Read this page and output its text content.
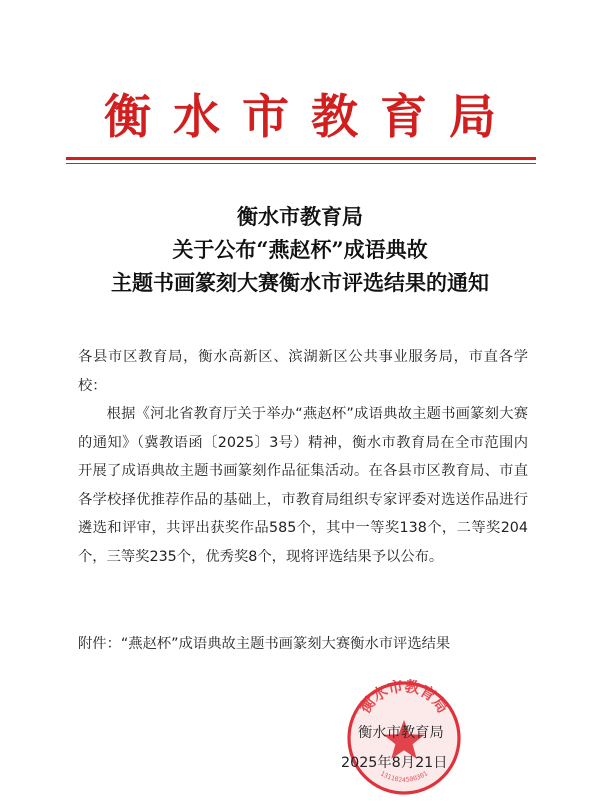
衡水市教育局
衡水市教育局
关于公布“燕赵杯”成语典故
主题书画篆刻大赛衡水市评选结果的通知
各县市区教育局，衡水高新区、滨湖新区公共事业服务局，市直各学校：
根据《河北省教育厅关于举办“燕赵杯”成语典故主题书画篆刻大赛的通知》（冀教语函〔2025〕3号）精神，衡水市教育局在全市范围内开展了成语典故主题书画篆刻作品征集活动。在各县市区教育局、市直各学校择优推荐作品的基础上，市教育局组织专家评委对选送作品进行遴选和评审，共评出获奖作品585个，其中一等奖138个，二等奖204个，三等奖235个，优秀奖8个，现将评选结果予以公布。
附件：“燕赵杯”成语典故主题书画篆刻大赛衡水市评选结果
衡水市教育局
1311024500301
衡水市教育局
2025年8月21日
